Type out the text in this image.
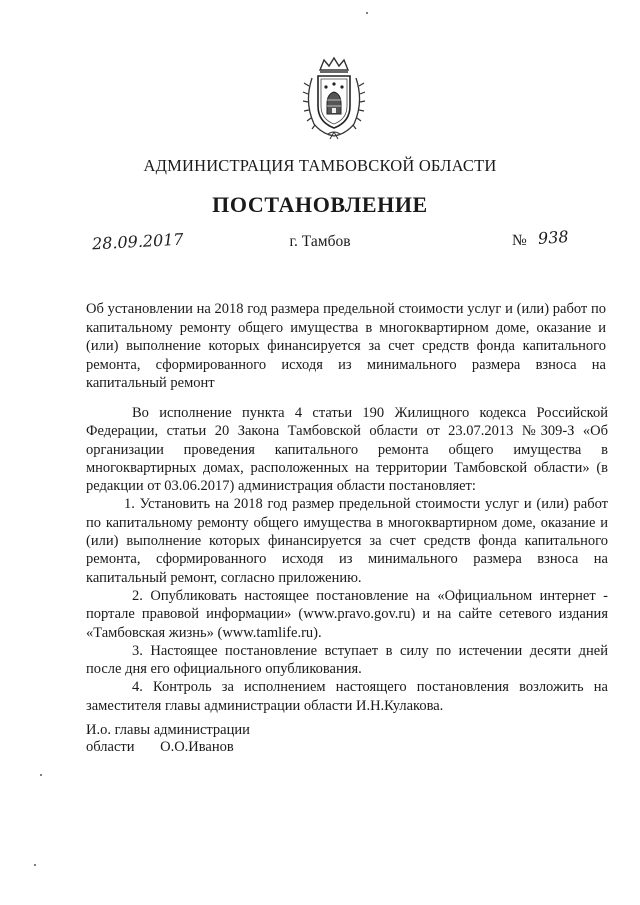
АДМИНИСТРАЦИЯ ТАМБОВСКОЙ ОБЛАСТИ
ПОСТАНОВЛЕНИЕ
28.09.2017	г. Тамбов	№ 938
Об установлении на 2018 год размера предельной стоимости услуг и (или) работ по капитальному ремонту общего имущества в многоквартирном доме, оказание и (или) выполнение которых финансируется за счет средств фонда капитального ремонта, сформированного исходя из минимального размера взноса на капитальный ремонт

Во исполнение пункта 4 статьи 190 Жилищного кодекса Российской Федерации, статьи 20 Закона Тамбовской области от 23.07.2013 №309-З «Об организации проведения капитального ремонта общего имущества в многоквартирных домах, расположенных на территории Тамбовской области» (в редакции от 03.06.2017) администрация области постановляет:

1. Установить на 2018 год размер предельной стоимости услуг и (или) работ по капитальному ремонту общего имущества в многоквартирном доме, оказание и (или) выполнение которых финансируется за счет средств фонда капитального ремонта, сформированного исходя из минимального размера взноса на капитальный ремонт, согласно приложению.

2. Опубликовать настоящее постановление на «Официальном интернет - портале правовой информации» (www.pravo.gov.ru) и на сайте сетевого издания «Тамбовская жизнь» (www.tamlife.ru).

3. Настоящее постановление вступает в силу по истечении десяти дней после дня его официального опубликования.

4. Контроль за исполнением настоящего постановления возложить на заместителя главы администрации области И.Н.Кулакова.

И.о. главы администрации
области О.О.Иванов
